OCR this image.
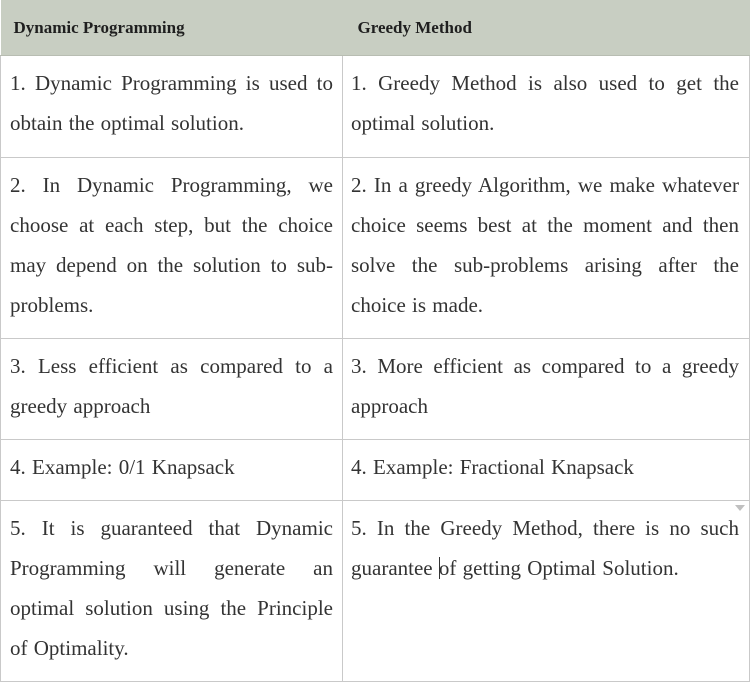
Dynamic Programming	Greedy Method
1. Dynamic Programming is used to obtain the optimal solution.	1. Greedy Method is also used to get the optimal solution.
2. In Dynamic Programming, we choose at each step, but the choice may depend on the solution to sub-problems.	2. In a greedy Algorithm, we make whatever choice seems best at the moment and then solve the sub-problems arising after the choice is made.
3. Less efficient as compared to a greedy approach	3. More efficient as compared to a greedy approach
4. Example: 0/1 Knapsack	4. Example: Fractional Knapsack
5. It is guaranteed that Dynamic Programming will generate an optimal solution using the Principle of Optimality.	5. In the Greedy Method, there is no such guarantee of getting Optimal Solution.
